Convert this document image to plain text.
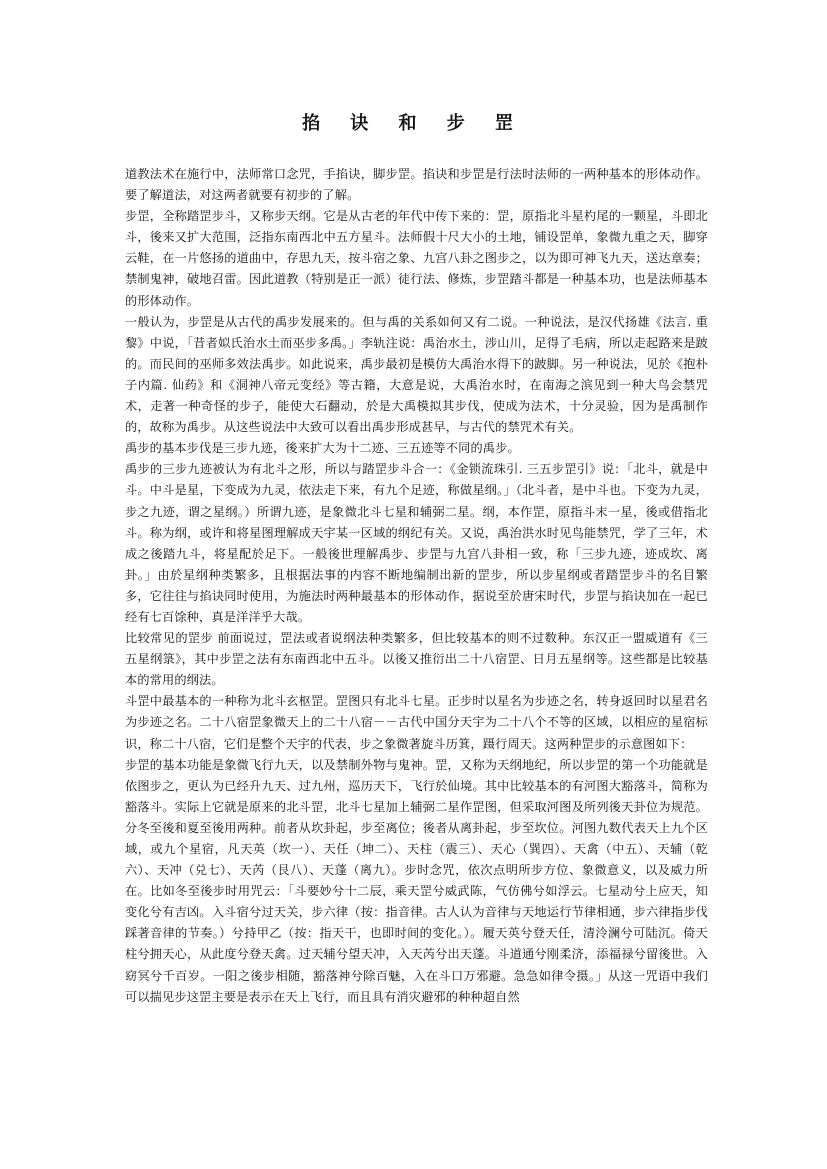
掐 诀 和 步 罡

道教法术在施行中，法师常口念咒，手掐诀，脚步罡。掐诀和步罡是行法时法师的一两种基本的形体动作。要了解道法，对这两者就要有初步的了解。

步罡，全称踏罡步斗，又称步天纲。它是从古老的年代中传下来的：罡，原指北斗星杓尾的一颗星，斗即北斗，後来又扩大范围，泛指东南西北中五方星斗。法师假十尺大小的土地，铺设罡单，象微九重之天，脚穿云鞋，在一片悠扬的道曲中，存思九天，按斗宿之象、九宫八卦之图步之，以为即可神飞九天，送达章奏；禁制鬼神，破地召雷。因此道教（特别是正一派）徒行法、修炼，步罡踏斗都是一种基本功，也是法师基本的形体动作。

一般认为，步罡是从古代的禹步发展来的。但与禹的关系如何又有二说。一种说法，是汉代扬雄《法言. 重黎》中说，「昔者姒氏治水土而巫步多禹。」李轨注说：禹治水土，涉山川，足得了毛病，所以走起路来是跛的。而民间的巫师多效法禹步。如此说来，禹步最初是模仿大禹治水得下的跛脚。另一种说法，见於《抱朴子内篇. 仙药》和《洞神八帝元变经》等古籍，大意是说，大禹治水时，在南海之滨见到一种大鸟会禁咒术，走著一种奇怪的步子，能使大石翻动，於是大禹模拟其步伐，使成为法术，十分灵验，因为是禹制作的，故称为禹步。从这些说法中大致可以看出禹步形成甚早，与古代的禁咒术有关。

禹步的基本步伐是三步九迹，後来扩大为十二迹、三五迹等不同的禹步。

禹步的三步九迹被认为有北斗之形，所以与踏罡步斗合一：《金锁流珠引. 三五步罡引》说：「北斗，就是中斗。中斗是星，下变成为九灵，依法走下来，有九个足迹，称做星纲。」（北斗者，是中斗也。下变为九灵，步之九迹，谓之星纲。）所谓九迹，是象微北斗七星和辅弼二星。纲，本作罡，原指斗末一星，後或借指北斗。称为纲，或许和将星图理解成天宇某一区域的纲纪有关。又说，禹治洪水时见鸟能禁咒，学了三年，术成之後踏九斗，将星配於足下。一般後世理解禹步、步罡与九宫八卦相一致，称「三步九迹，迹成坎、离卦。」由於星纲种类繁多，且根据法事的内容不断地编制出新的罡步，所以步星纲或者踏罡步斗的名目繁多，它往往与掐诀同时使用，为施法时两种最基本的形体动作，据说至於唐宋时代，步罡与掐诀加在一起已经有七百馀种，真是洋洋乎大哉。

比较常见的罡步 前面说过，罡法或者说纲法种类繁多，但比较基本的则不过数种。东汉正一盟威道有《三五星纲箓》，其中步罡之法有东南西北中五斗。以後又推衍出二十八宿罡、日月五星纲等。这些都是比较基本的常用的纲法。

斗罡中最基本的一种称为北斗玄枢罡。罡图只有北斗七星。正步时以星名为步迹之名，转身返回时以星君名为步迹之名。二十八宿罡象微天上的二十八宿－－古代中国分天宇为二十八个不等的区域，以相应的星宿标识，称二十八宿，它们是整个天宇的代表，步之象微著旋斗历箕，蹑行周天。这两种罡步的示意图如下：

步罡的基本功能是象微飞行九天，以及禁制外物与鬼神。罡，又称为天纲地纪，所以步罡的第一个功能就是依图步之，更认为已经升九天、过九州，巡历天下，飞行於仙境。其中比较基本的有河图大豁落斗，简称为豁落斗。实际上它就是原来的北斗罡，北斗七星加上辅弼二星作罡图，但采取河图及所列後天卦位为规范。分冬至後和夏至後用两种。前者从坎卦起，步至离位；後者从离卦起，步至坎位。河图九数代表天上九个区域，或九个星宿，凡天英（坎一）、天任（坤二）、天柱（震三）、天心（巽四）、天禽（中五）、天辅（乾六）、天冲（兑七）、天芮（艮八）、天蓬（离九）。步时念咒，依次点明所步方位、象微意义，以及威力所在。比如冬至後步时用咒云：「斗要妙兮十二辰，乘天罡兮威武陈，气仿佛兮如浮云。七星动兮上应天，知变化兮有吉凶。入斗宿兮过天关，步六律（按：指音律。古人认为音律与天地运行节律相通，步六律指步伐踩著音律的节奏。）兮持甲乙（按：指天干，也即时间的变化。）。履天英兮登天任，清泠澜兮可陆沉。倚天柱兮拥天心，从此度兮登天禽。过天辅兮望天冲，入天芮兮出天蓬。斗道通兮刚柔济，添福禄兮留後世。入窈冥兮千百岁。一阳之後步相随，豁落神兮除百魅，入在斗口万邪避。急急如律令摄。」从这一咒语中我们可以揣见步这罡主要是表示在天上飞行，而且具有消灾避邪的种种超自然
